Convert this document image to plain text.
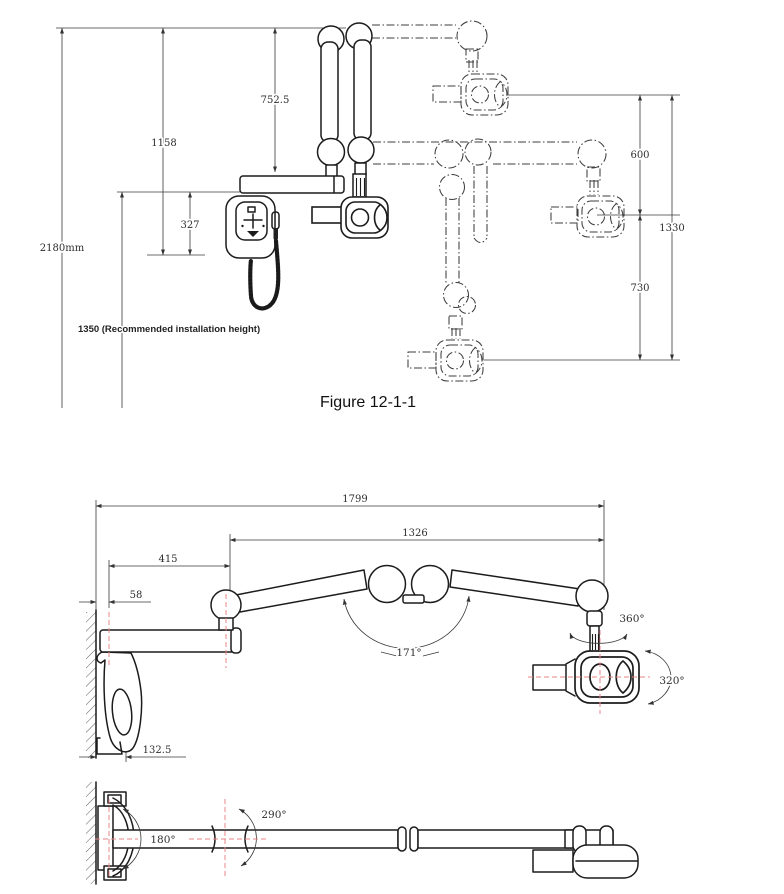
2180mm
1158
752.5
327
1350 (Recommended installation height)
600
730
1330
Figure 12-1-1
1799
1326
415
58
132.5
171°
360°
320°
180°
290°
